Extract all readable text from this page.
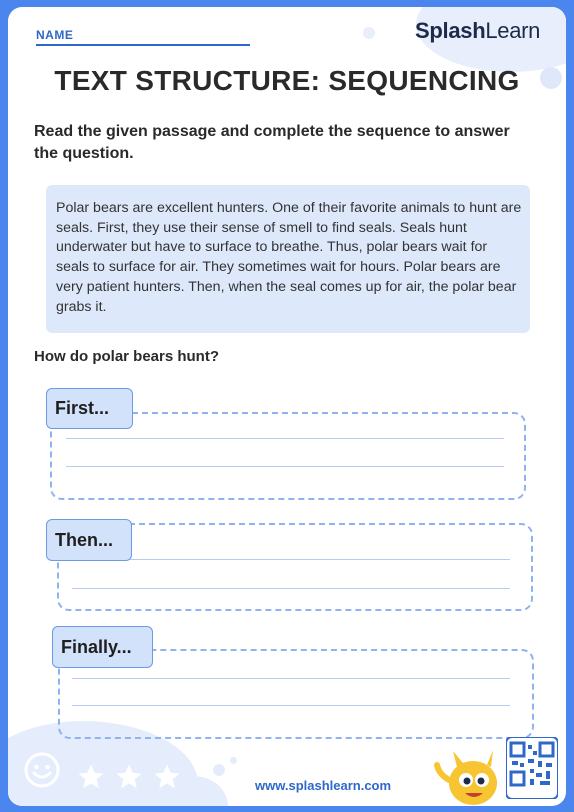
NAME	SplashLearn
TEXT STRUCTURE: SEQUENCING
Read the given passage and complete the sequence to answer the question.
Polar bears are excellent hunters. One of their favorite animals to hunt are seals. First, they use their sense of smell to find seals. Seals hunt underwater but have to surface to breathe. Thus, polar bears wait for seals to surface for air. They sometimes wait for hours. Polar bears are very patient hunters. Then, when the seal comes up for air, the polar bear grabs it.
How do polar bears hunt?
First...
Then...
Finally...
www.splashlearn.com
